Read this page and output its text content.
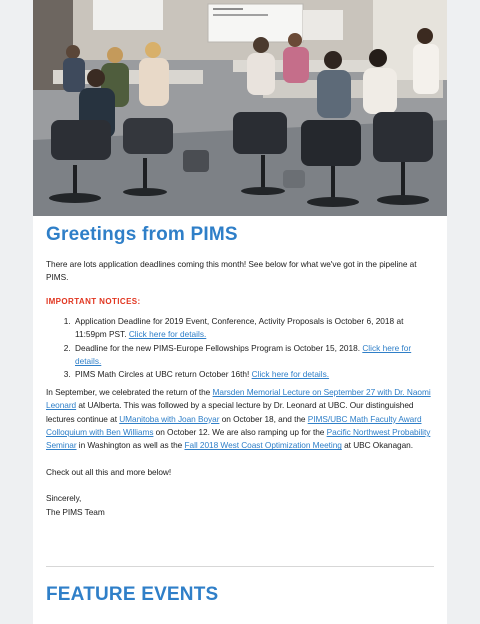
Greetings from PIMS

There are lots application deadlines coming this month! See below for what we've got in the pipeline at PIMS.

IMPORTANT NOTICES:
1. Application Deadline for 2019 Event, Conference, Activity Proposals is October 6, 2018 at 11:59pm PST. Click here for details.
2. Deadline for the new PIMS-Europe Fellowships Program is October 15, 2018. Click here for details.
3. PIMS Math Circles at UBC return October 16th! Click here for details.

In September, we celebrated the return of the Marsden Memorial Lecture on September 27 with Dr. Naomi Leonard at UAlberta. This was followed by a special lecture by Dr. Leonard at UBC. Our distinguished lectures continue at UManitoba with Joan Boyar on October 18, and the PIMS/UBC Math Faculty Award Colloquium with Ben Williams on October 12. We are also ramping up for the Pacific Northwest Probability Seminar in Washington as well as the Fall 2018 West Coast Optimization Meeting at UBC Okanagan.

Check out all this and more below!

Sincerely,

The PIMS Team

FEATURE EVENTS
